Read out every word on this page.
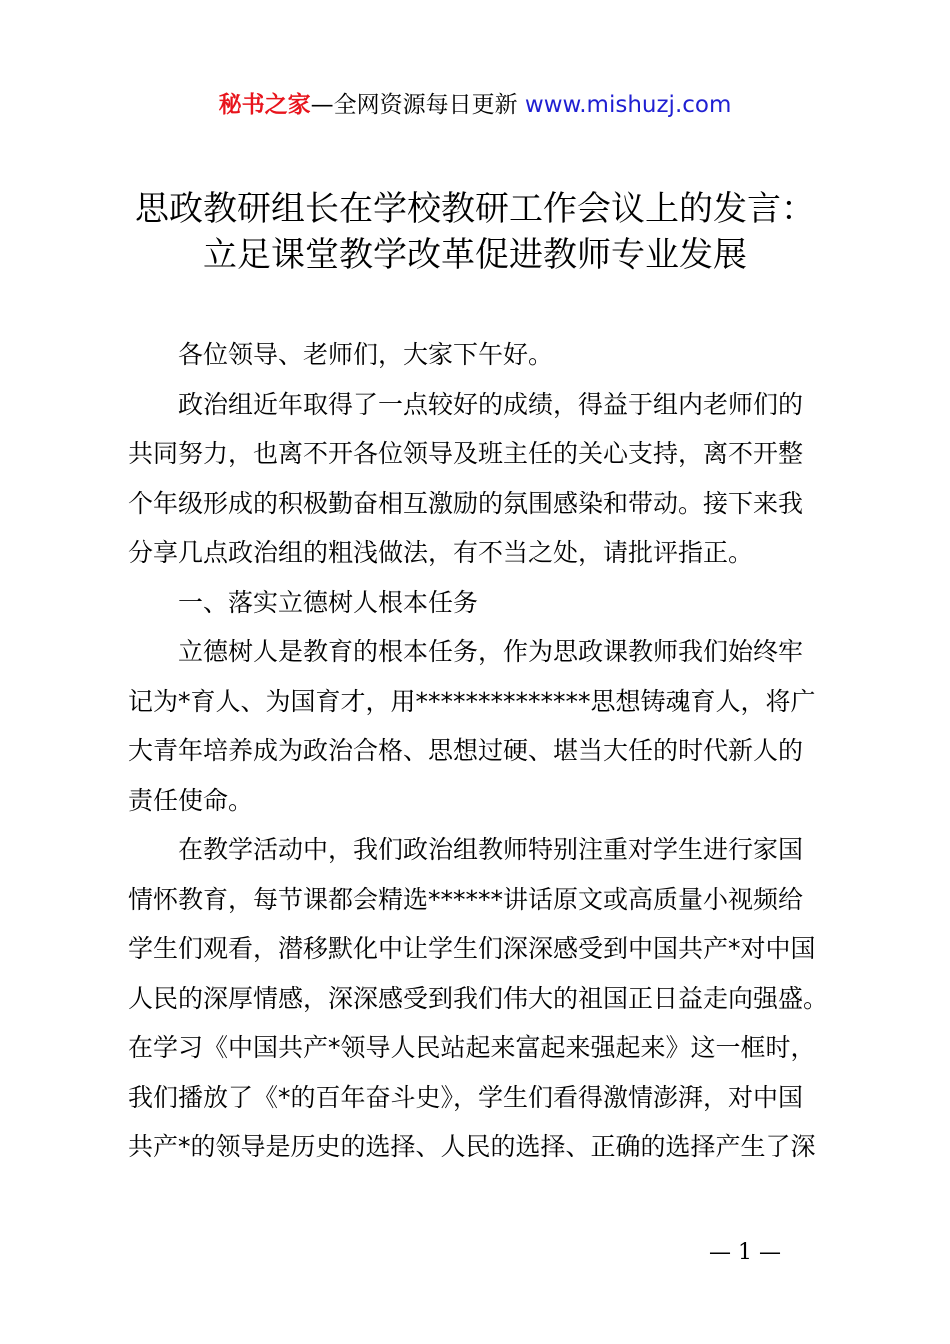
秘书之家—全网资源每日更新 www.mishuzj.com
思政教研组长在学校教研工作会议上的发言：
立足课堂教学改革促进教师专业发展

各位领导、老师们，大家下午好。

政治组近年取得了一点较好的成绩，得益于组内老师们的
共同努力，也离不开各位领导及班主任的关心支持，离不开整
个年级形成的积极勤奋相互激励的氛围感染和带动。接下来我
分享几点政治组的粗浅做法，有不当之处，请批评指正。

一、落实立德树人根本任务

立德树人是教育的根本任务，作为思政课教师我们始终牢
记为*育人、为国育才，用**************思想铸魂育人，将广
大青年培养成为政治合格、思想过硬、堪当大任的时代新人的
责任使命。

在教学活动中，我们政治组教师特别注重对学生进行家国
情怀教育，每节课都会精选******讲话原文或高质量小视频给
学生们观看，潜移默化中让学生们深深感受到中国共产*对中国
人民的深厚情感，深深感受到我们伟大的祖国正日益走向强盛。
在学习《中国共产*领导人民站起来富起来强起来》这一框时，
我们播放了《*的百年奋斗史》，学生们看得激情澎湃，对中国
共产*的领导是历史的选择、人民的选择、正确的选择产生了深

— 1 —
